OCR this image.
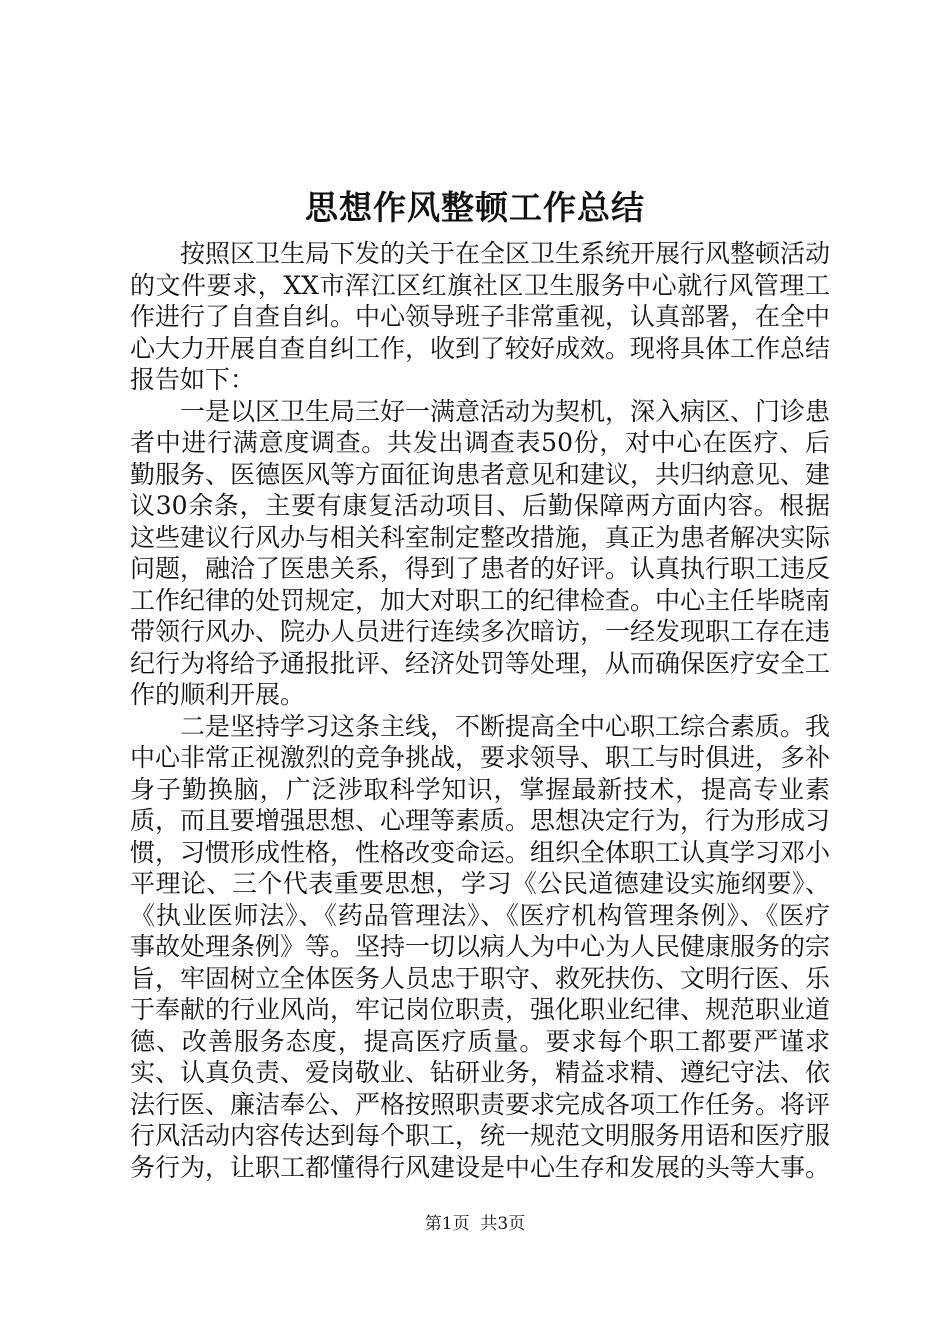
思想作风整顿工作总结

按照区卫生局下发的关于在全区卫生系统开展行风整顿活动的文件要求，XX市浑江区红旗社区卫生服务中心就行风管理工作进行了自查自纠。中心领导班子非常重视，认真部署，在全中心大力开展自查自纠工作，收到了较好成效。现将具体工作总结报告如下：

一是以区卫生局三好一满意活动为契机，深入病区、门诊患者中进行满意度调查。共发出调查表50份，对中心在医疗、后勤服务、医德医风等方面征询患者意见和建议，共归纳意见、建议30余条，主要有康复活动项目、后勤保障两方面内容。根据这些建议行风办与相关科室制定整改措施，真正为患者解决实际问题，融洽了医患关系，得到了患者的好评。认真执行职工违反工作纪律的处罚规定，加大对职工的纪律检查。中心主任毕晓南带领行风办、院办人员进行连续多次暗访，一经发现职工存在违纪行为将给予通报批评、经济处罚等处理，从而确保医疗安全工作的顺利开展。

二是坚持学习这条主线，不断提高全中心职工综合素质。我中心非常正视激烈的竞争挑战，要求领导、职工与时俱进，多补身子勤换脑，广泛涉取科学知识，掌握最新技术，提高专业素质，而且要增强思想、心理等素质。思想决定行为，行为形成习惯，习惯形成性格，性格改变命运。组织全体职工认真学习邓小平理论、三个代表重要思想，学习《公民道德建设实施纲要》、《执业医师法》、《药品管理法》、《医疗机构管理条例》、《医疗事故处理条例》等。坚持一切以病人为中心为人民健康服务的宗旨，牢固树立全体医务人员忠于职守、救死扶伤、文明行医、乐于奉献的行业风尚，牢记岗位职责，强化职业纪律、规范职业道德、改善服务态度，提高医疗质量。要求每个职工都要严谨求实、认真负责、爱岗敬业、钻研业务，精益求精、遵纪守法、依法行医、廉洁奉公、严格按照职责要求完成各项工作任务。将评行风活动内容传达到每个职工，统一规范文明服务用语和医疗服务行为，让职工都懂得行风建设是中心生存和发展的头等大事。

第1页 共3页
